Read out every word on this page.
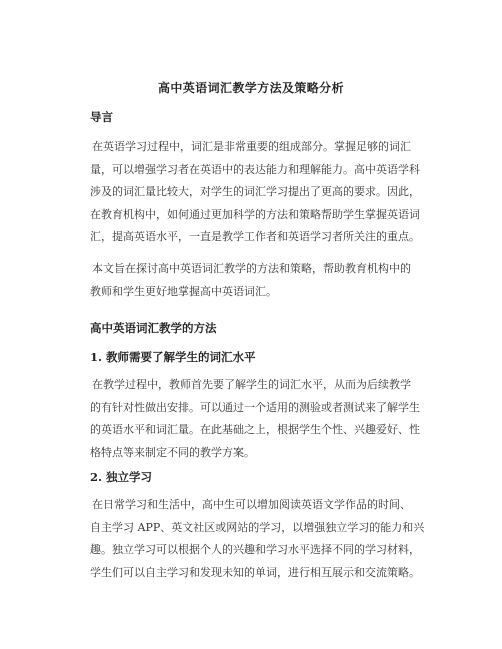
高中英语词汇教学方法及策略分析
导言
在英语学习过程中，词汇是非常重要的组成部分。掌握足够的词汇
量，可以增强学习者在英语中的表达能力和理解能力。高中英语学科
涉及的词汇量比较大，对学生的词汇学习提出了更高的要求。因此，
在教育机构中，如何通过更加科学的方法和策略帮助学生掌握英语词
汇，提高英语水平，一直是教学工作者和英语学习者所关注的重点。
本文旨在探讨高中英语词汇教学的方法和策略，帮助教育机构中的
教师和学生更好地掌握高中英语词汇。
高中英语词汇教学的方法
1. 教师需要了解学生的词汇水平
在教学过程中，教师首先要了解学生的词汇水平，从而为后续教学
的有针对性做出安排。可以通过一个适用的测验或者测试来了解学生
的英语水平和词汇量。在此基础之上，根据学生个性、兴趣爱好、性
格特点等来制定不同的教学方案。
2. 独立学习
在日常学习和生活中，高中生可以增加阅读英语文学作品的时间、
自主学习 APP、英文社区或网站的学习，以增强独立学习的能力和兴
趣。独立学习可以根据个人的兴趣和学习水平选择不同的学习材料，
学生们可以自主学习和发现未知的单词，进行相互展示和交流策略。
